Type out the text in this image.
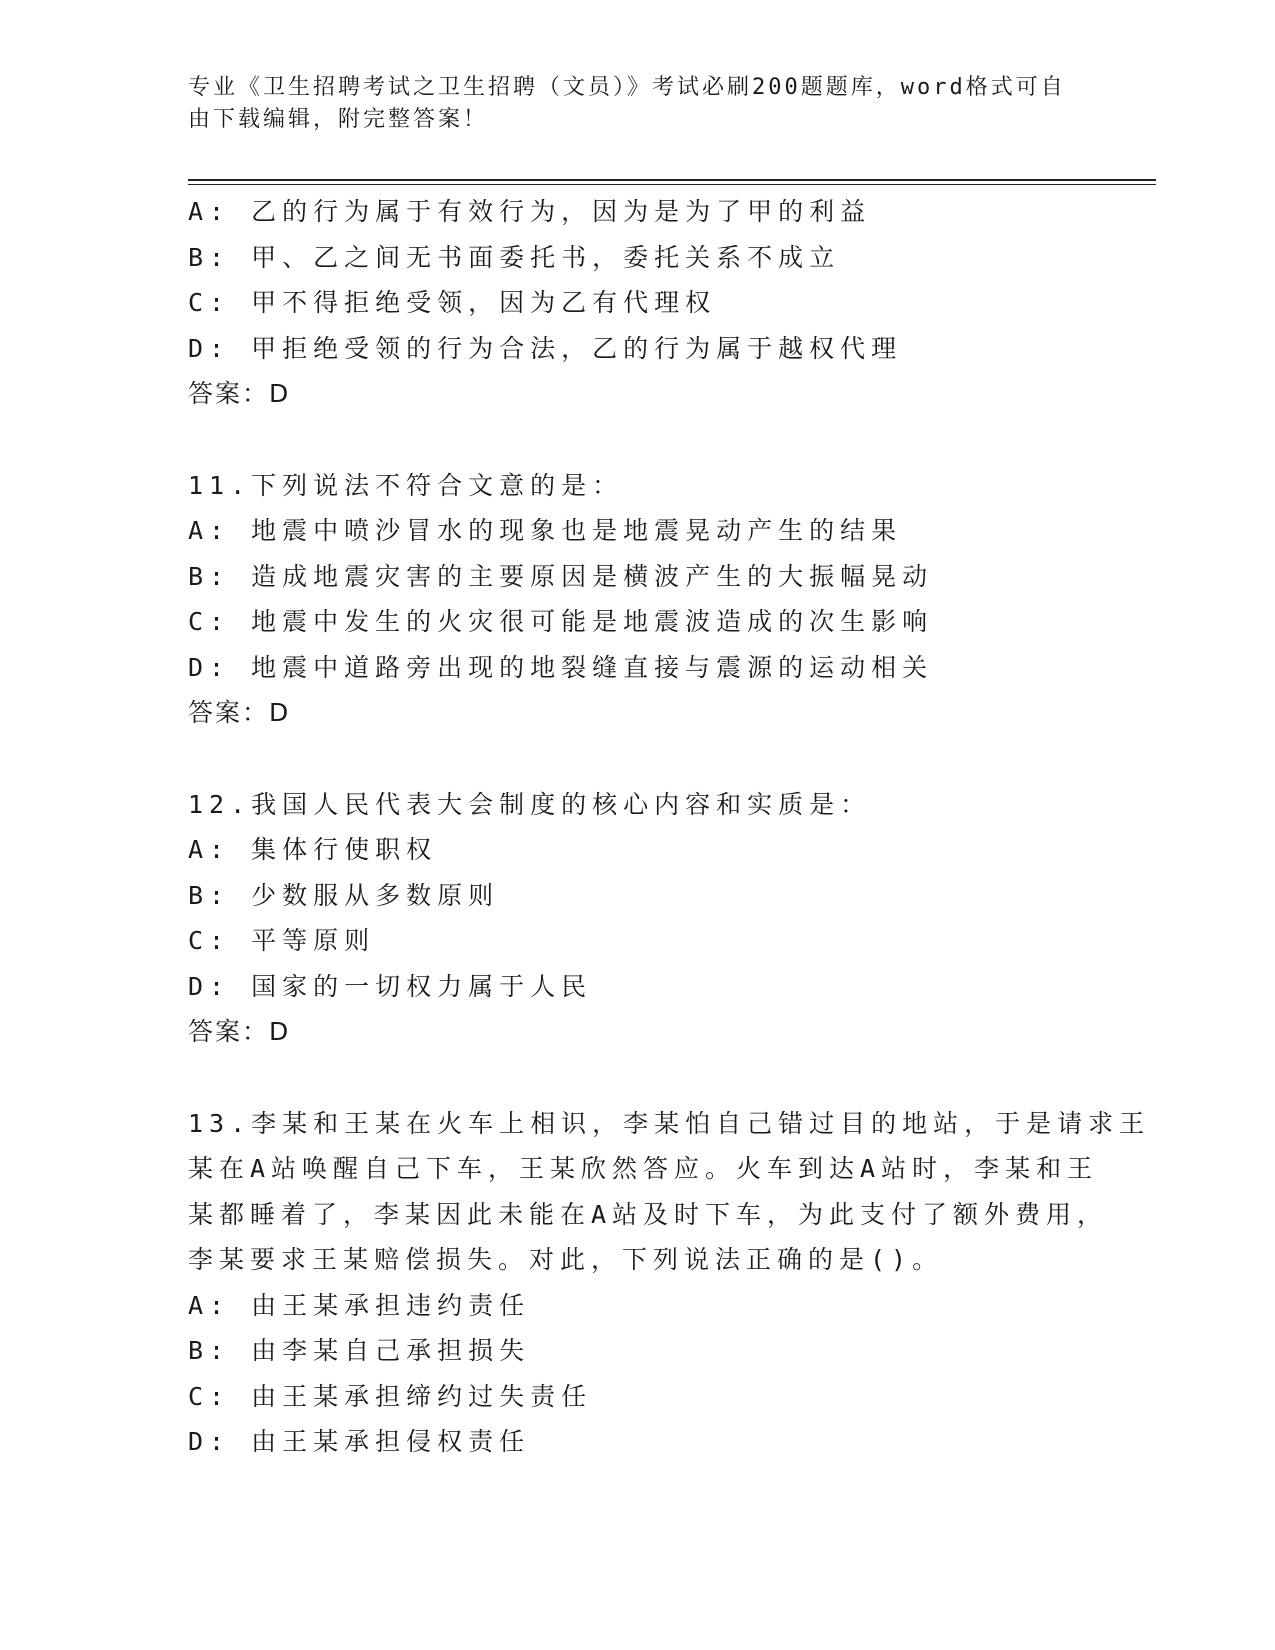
专业《卫生招聘考试之卫生招聘（文员）》考试必刷200题题库，word格式可自
由下载编辑，附完整答案！
A: 乙的行为属于有效行为，因为是为了甲的利益
B: 甲、乙之间无书面委托书，委托关系不成立
C: 甲不得拒绝受领，因为乙有代理权
D: 甲拒绝受领的行为合法，乙的行为属于越权代理
答案：D
11.下列说法不符合文意的是：
A: 地震中喷沙冒水的现象也是地震晃动产生的结果
B: 造成地震灾害的主要原因是横波产生的大振幅晃动
C: 地震中发生的火灾很可能是地震波造成的次生影响
D: 地震中道路旁出现的地裂缝直接与震源的运动相关
答案：D
12.我国人民代表大会制度的核心内容和实质是：
A: 集体行使职权
B: 少数服从多数原则
C: 平等原则
D: 国家的一切权力属于人民
答案：D
13.李某和王某在火车上相识，李某怕自己错过目的地站，于是请求王
某在A站唤醒自己下车，王某欣然答应。火车到达A站时，李某和王
某都睡着了，李某因此未能在A站及时下车，为此支付了额外费用，
李某要求王某赔偿损失。对此，下列说法正确的是()。
A: 由王某承担违约责任
B: 由李某自己承担损失
C: 由王某承担缔约过失责任
D: 由王某承担侵权责任
